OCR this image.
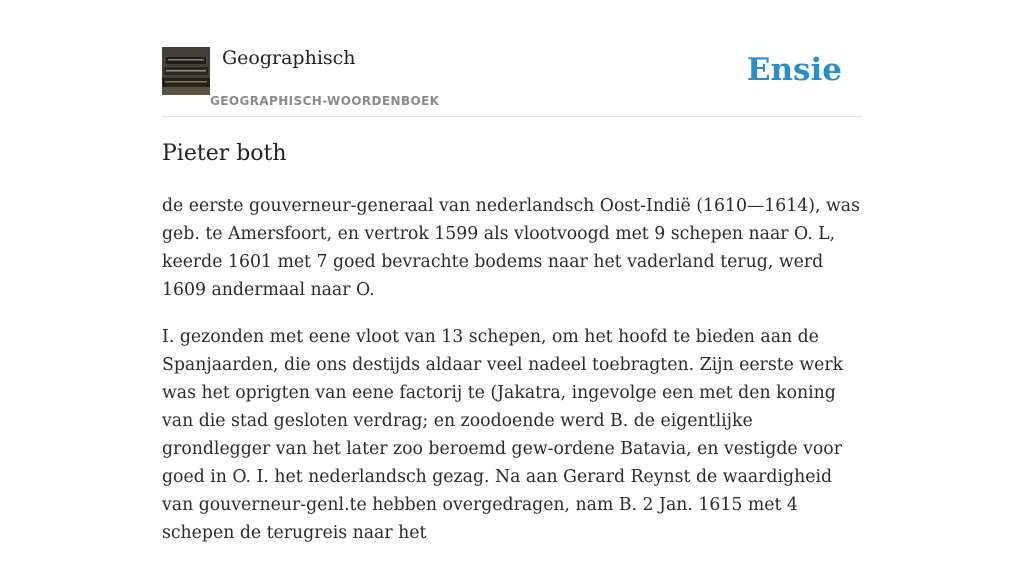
Geographisch
GEOGRAPHISCH-WOORDENBOEK
Ensie
Pieter both

de eerste gouverneur-generaal van nederlandsch Oost-Indië (1610—1614), was geb. te Amersfoort, en vertrok 1599 als vlootvoogd met 9 schepen naar O. L, keerde 1601 met 7 goed bevrachte bodems naar het vaderland terug, werd 1609 andermaal naar O.

I. gezonden met eene vloot van 13 schepen, om het hoofd te bieden aan de Spanjaarden, die ons destijds aldaar veel nadeel toebragten. Zijn eerste werk was het oprigten van eene factorij te (Jakatra, ingevolge een met den koning van die stad gesloten verdrag; en zoodoende werd B. de eigentlijke grondlegger van het later zoo beroemd gew-ordene Batavia, en vestigde voor goed in O. I. het nederlandsch gezag. Na aan Gerard Reynst de waardigheid van gouverneur-genl.te hebben overgedragen, nam B. 2 Jan. 1615 met 4 schepen de terugreis naar het
